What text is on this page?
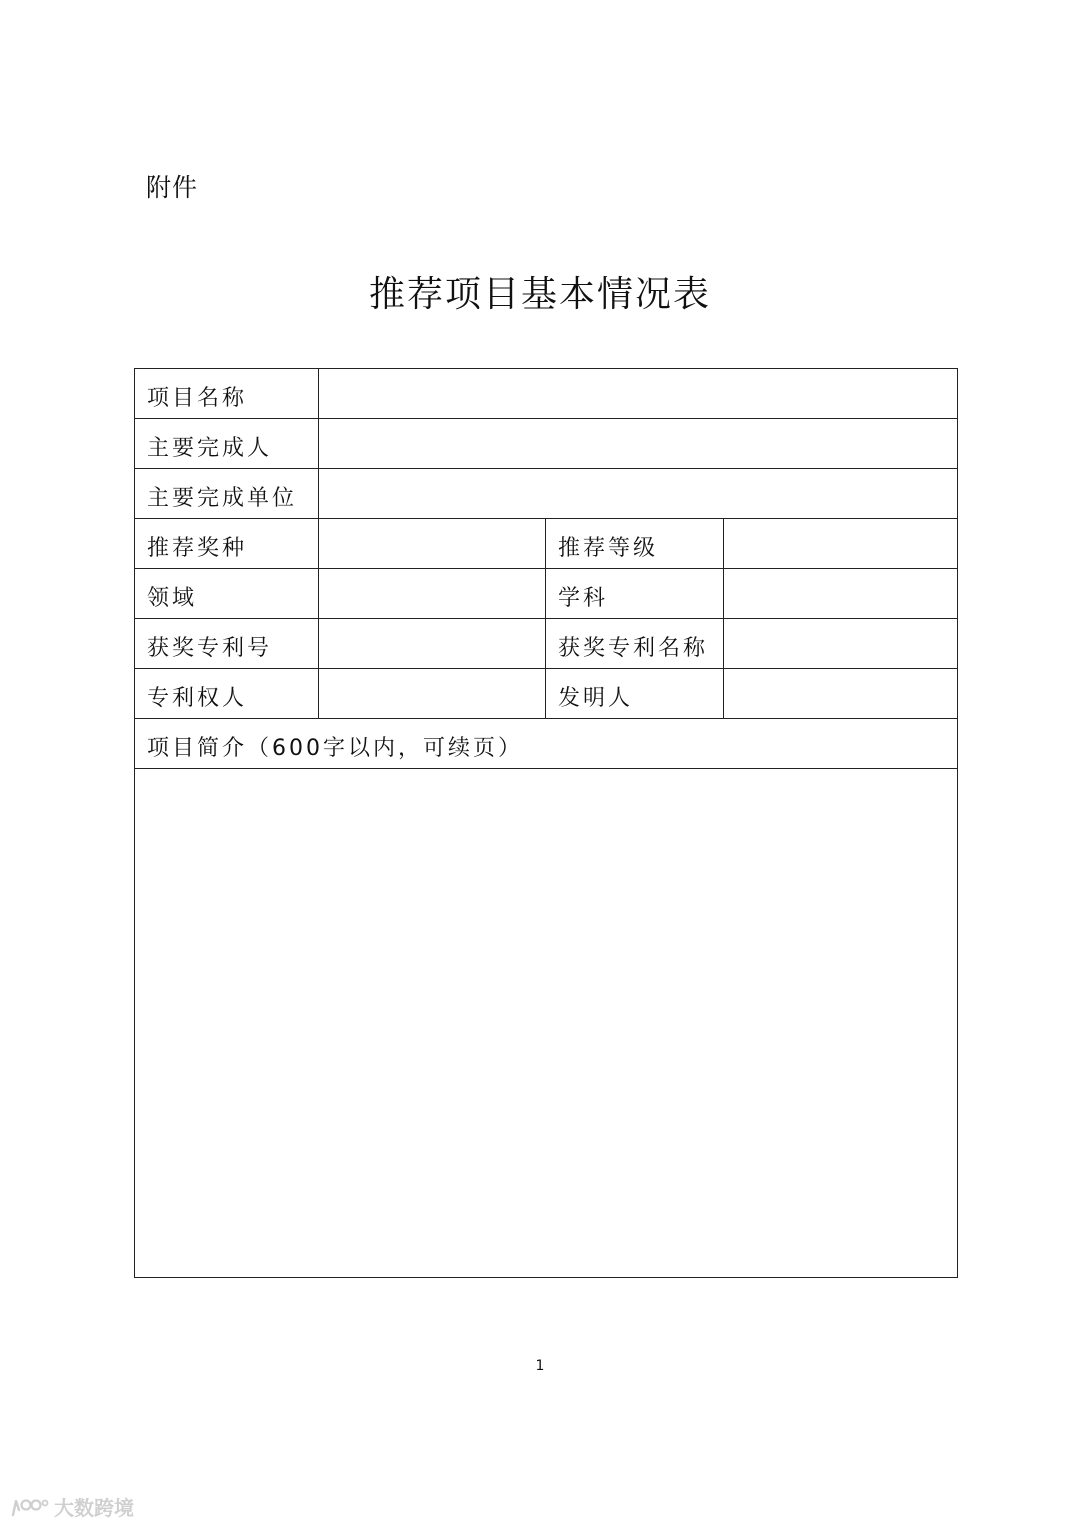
附件
推荐项目基本情况表
项目名称			
主要完成人			
主要完成单位			
推荐奖种		推荐等级	
领域		学科	
获奖专利号		获奖专利名称	
专利权人		发明人	
项目简介（600字以内，可续页）			

1
大数跨境
